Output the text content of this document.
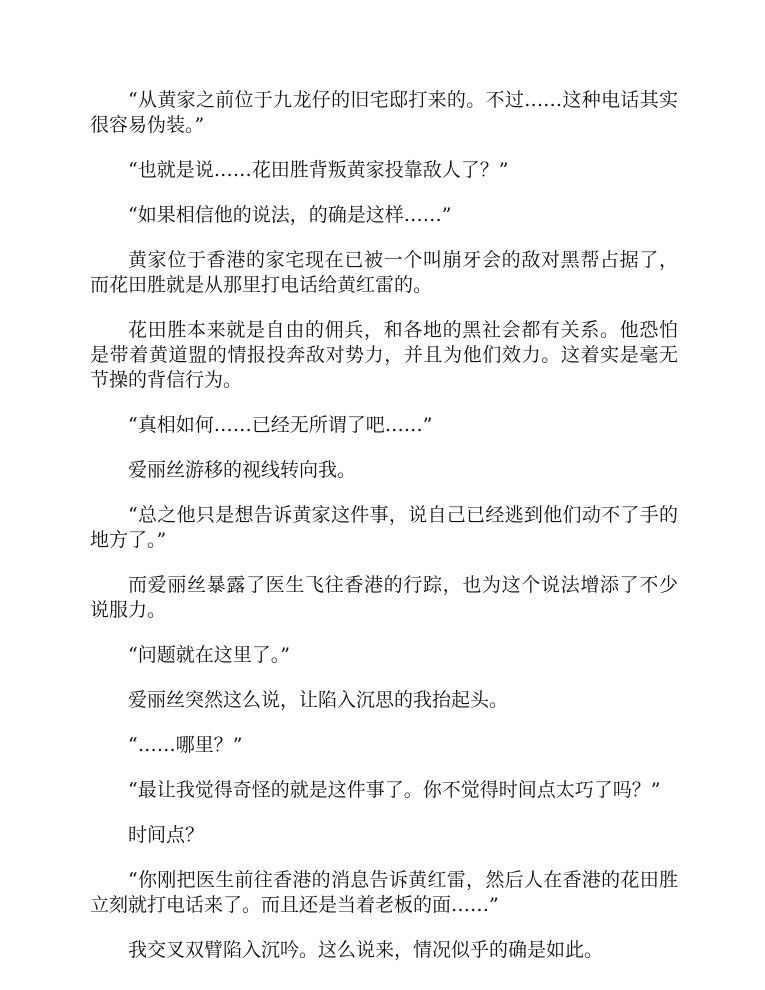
“从黄家之前位于九龙仔的旧宅邸打来的。不过……这种电话其实很容易伪装。”

“也就是说……花田胜背叛黄家投靠敌人了？”

“如果相信他的说法，的确是这样……”

黄家位于香港的家宅现在已被一个叫崩牙会的敌对黑帮占据了，而花田胜就是从那里打电话给黄红雷的。

花田胜本来就是自由的佣兵，和各地的黑社会都有关系。他恐怕是带着黄道盟的情报投奔敌对势力，并且为他们效力。这着实是毫无节操的背信行为。

“真相如何……已经无所谓了吧……”

爱丽丝游移的视线转向我。

“总之他只是想告诉黄家这件事，说自己已经逃到他们动不了手的地方了。”

而爱丽丝暴露了医生飞往香港的行踪，也为这个说法增添了不少说服力。

“问题就在这里了。”

爱丽丝突然这么说，让陷入沉思的我抬起头。

“……哪里？”

“最让我觉得奇怪的就是这件事了。你不觉得时间点太巧了吗？”

时间点？

“你刚把医生前往香港的消息告诉黄红雷，然后人在香港的花田胜立刻就打电话来了。而且还是当着老板的面……”

我交叉双臂陷入沉吟。这么说来，情况似乎的确是如此。
